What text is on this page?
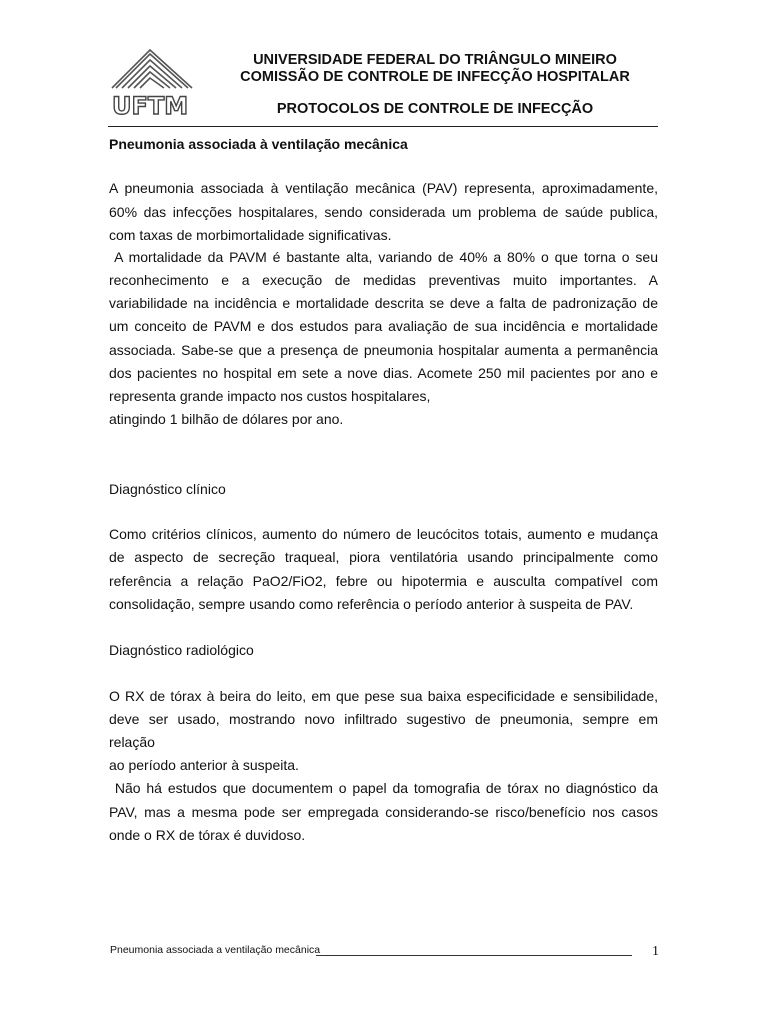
UFTM
UNIVERSIDADE FEDERAL DO TRIÂNGULO MINEIRO
COMISSÃO DE CONTROLE DE INFECÇÃO HOSPITALAR
PROTOCOLOS DE CONTROLE DE INFECÇÃO
Pneumonia associada à ventilação mecânica
A pneumonia associada à ventilação mecânica (PAV) representa, aproximadamente,
60% das infecções hospitalares, sendo considerada um problema de saúde publica,
com taxas de morbimortalidade significativas.
A mortalidade da PAVM é bastante alta, variando de 40% a 80% o que torna o seu
reconhecimento e a execução de medidas preventivas muito importantes. A
variabilidade na incidência e mortalidade descrita se deve a falta de padronização de
um conceito de PAVM e dos estudos para avaliação de sua incidência e mortalidade
associada. Sabe-se que a presença de pneumonia hospitalar aumenta a permanência
dos pacientes no hospital em sete a nove dias. Acomete 250 mil pacientes por ano e
representa grande impacto nos custos hospitalares,
atingindo 1 bilhão de dólares por ano.
Diagnóstico clínico
Como critérios clínicos, aumento do número de leucócitos totais, aumento e mudança
de aspecto de secreção traqueal, piora ventilatória usando principalmente como
referência a relação PaO2/FiO2, febre ou hipotermia e ausculta compatível com
consolidação, sempre usando como referência o período anterior à suspeita de PAV.
Diagnóstico radiológico
O RX de tórax à beira do leito, em que pese sua baixa especificidade e sensibilidade,
deve ser usado, mostrando novo infiltrado sugestivo de pneumonia, sempre em
relação
ao período anterior à suspeita.
Não há estudos que documentem o papel da tomografia de tórax no diagnóstico da
PAV, mas a mesma pode ser empregada considerando-se risco/benefício nos casos
onde o RX de tórax é duvidoso.
Pneumonia associada a ventilação mecânica	1
